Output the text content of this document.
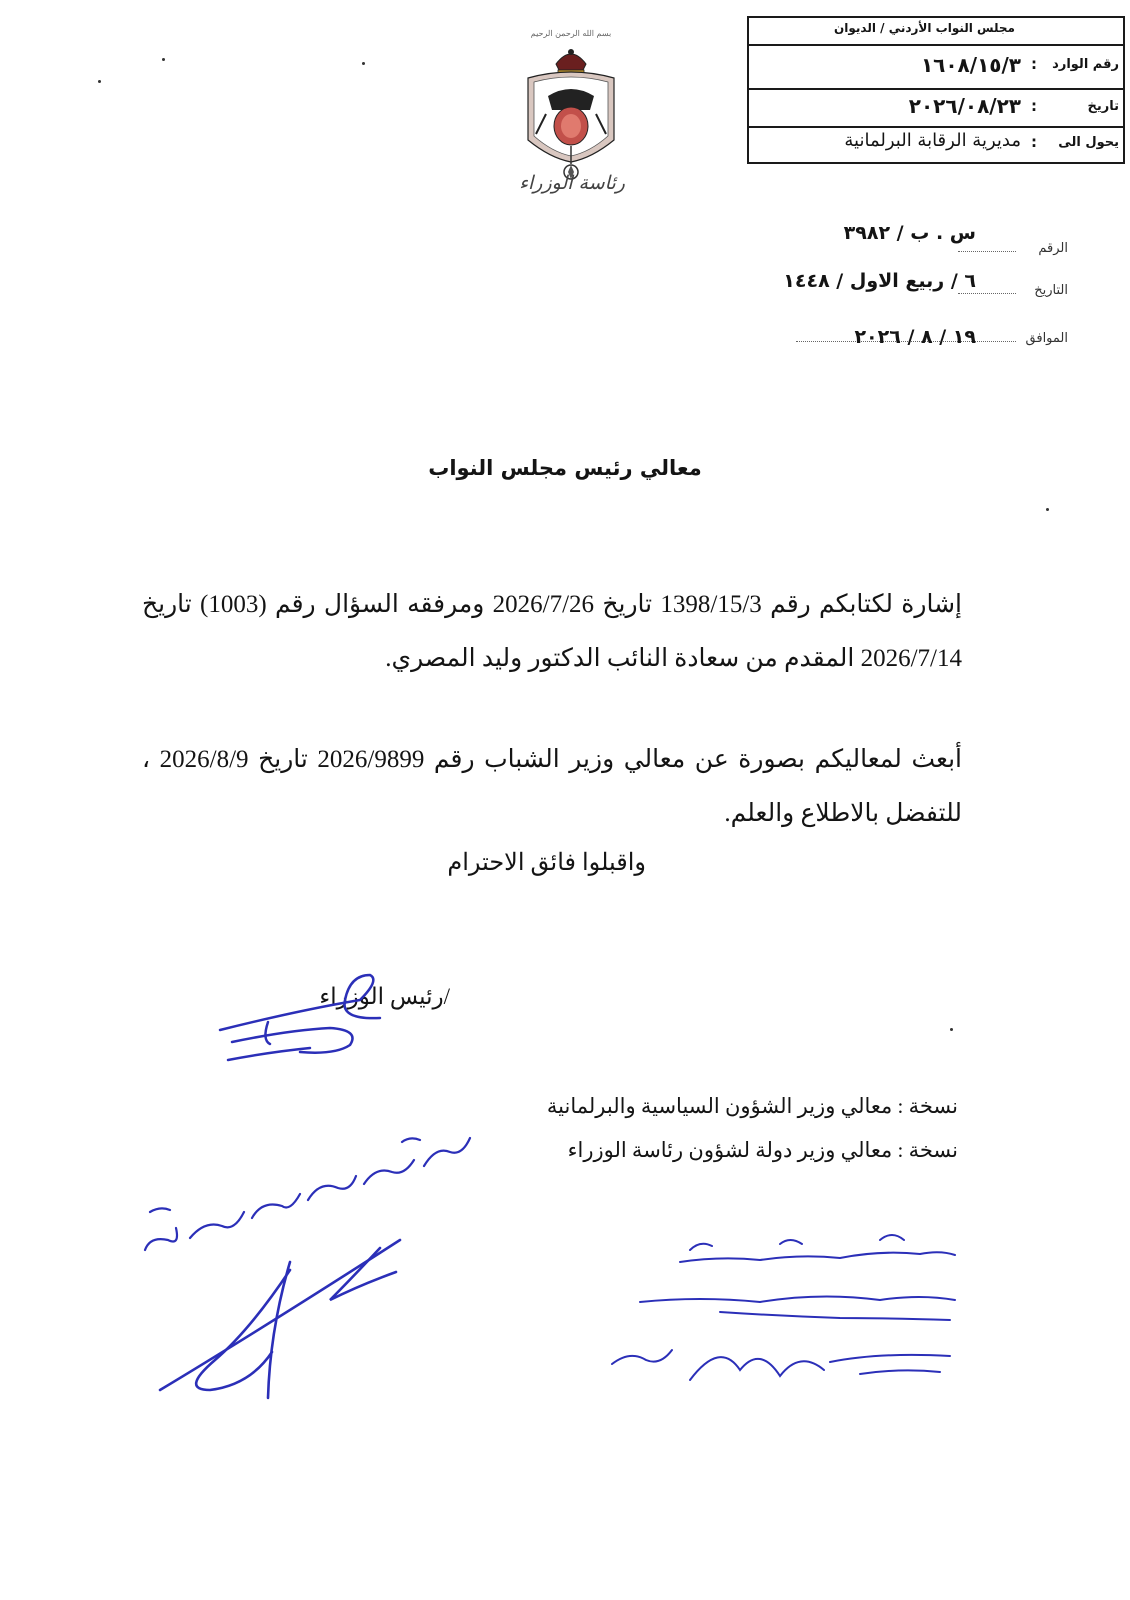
مجلس النواب الأردني / الديوان
رقم الوارد
:
١٦٠٨/١٥/٣
تاريخ
:
٢٠٢٦/٠٨/٢٣
يحول الى
:
مديرية الرقابة البرلمانية
بسم الله الرحمن الرحيم
رئاسة الوزراء
الرقم
س . ب / ٣٩٨٢
التاريخ
٦ / ربيع الاول / ١٤٤٨
الموافق
١٩ / ٨ / ٢٠٢٦
معالي رئيس مجلس النواب
إشارة لكتابكم رقم 1398/15/3 تاريخ 2026/7/26 ومرفقه السؤال رقم (1003) تاريخ 2026/7/14 المقدم من سعادة النائب الدكتور وليد المصري.
أبعث لمعاليكم بصورة عن معالي وزير الشباب رقم 2026/9899 تاريخ 2026/8/9 ، للتفضل بالاطلاع والعلم.
واقبلوا فائق الاحترام
/رئيس الوزراء
نسخة : معالي وزير الشؤون السياسية والبرلمانية
نسخة : معالي وزير دولة لشؤون رئاسة الوزراء
